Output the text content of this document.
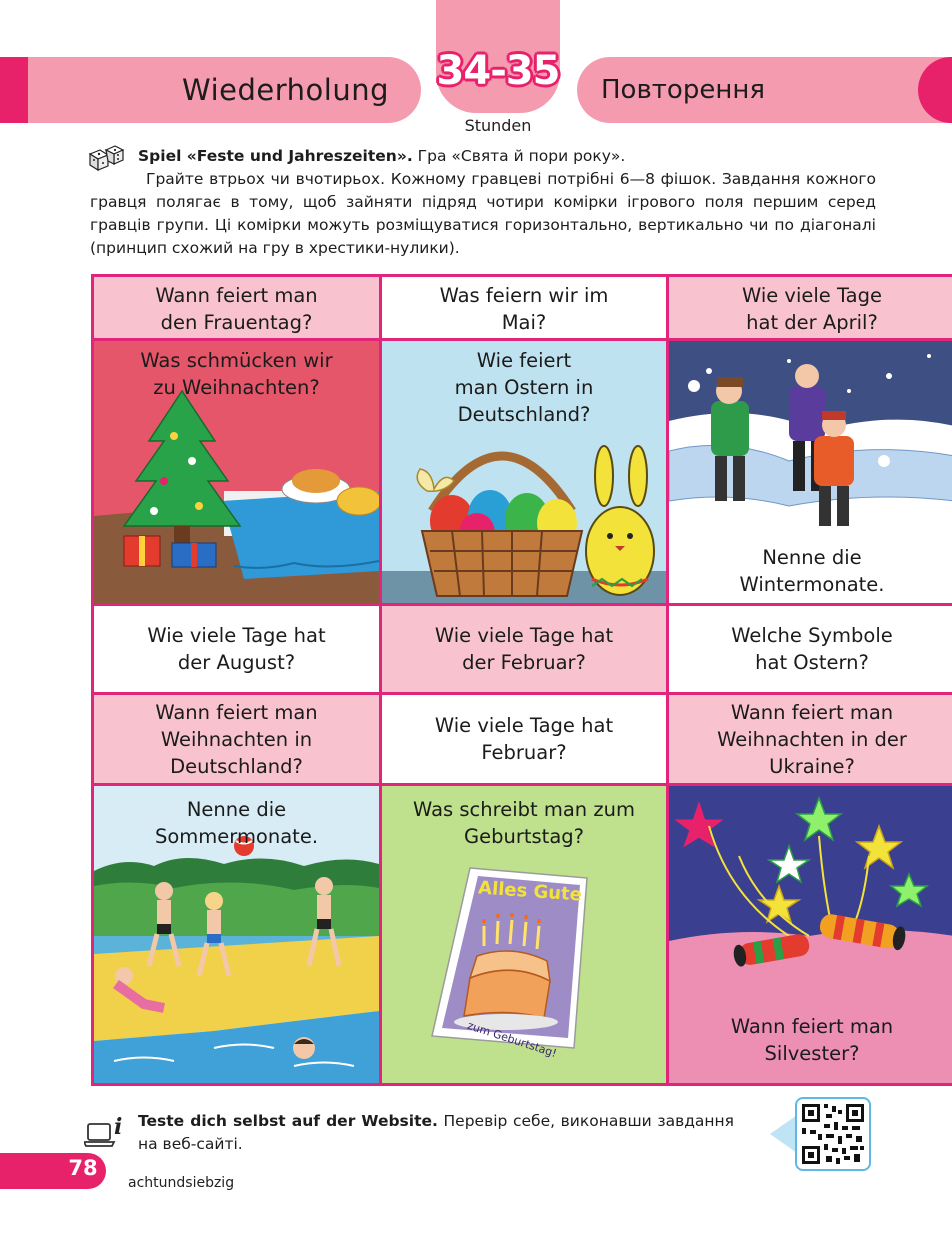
Wiederholung 34-35
Stunden
Повторення
Spiel «Feste und Jahreszeiten». Гра «Свята й пори року».
Грайте втрьох чи вчотирьох. Кожному гравцеві потрібні 6—8 фішок. Завдання кожного гравця полягає в тому, щоб зайняти підряд чотири комірки ігрового поля першим серед гравців групи. Ці комірки можуть розміщуватися горизонтально, вертикально чи по діагоналі (принцип схожий на гру в хрестики-нулики).
Wann feiert man
den Frauentag?
Was feiern wir im
Mai?
Wie viele Tage
hat der April?
Was schmücken wir
zu Weihnachten?
Wie feiert
man Ostern in
Deutschland?
Nenne die
Wintermonate.
Wie viele Tage hat
der August?
Wie viele Tage hat
der Februar?
Welche Symbole
hat Ostern?
Wann feiert man
Weihnachten in
Deutschland?
Wie viele Tage hat
Februar?
Wann feiert man
Weihnachten in der
Ukraine?
Nenne die
Sommermonate.
Was schreibt man zum
Geburtstag?
Alles Gute
zum Geburtstag!	Wann feiert man
Silvester?
i Teste dich selbst auf der Website. Перевір себе, виконавши завдання на веб-сайті.
78
achtundsiebzig
